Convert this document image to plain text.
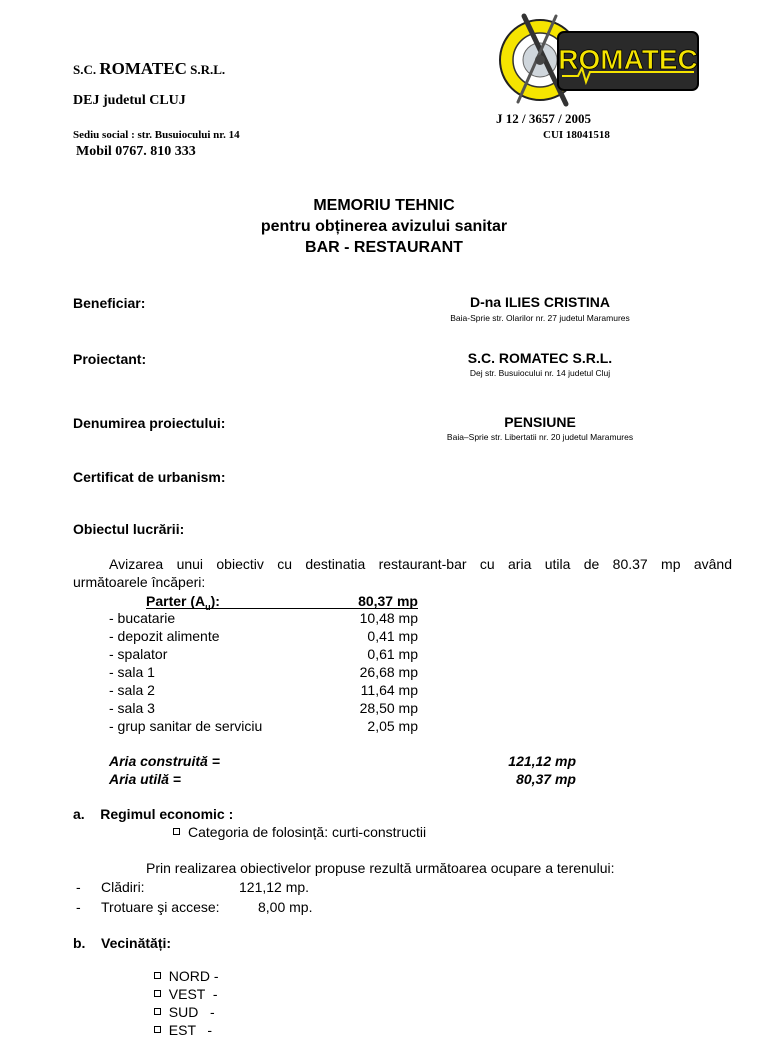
S.C. ROMATEC S.R.L.
DEJ judetul CLUJ
Sediu social : str. Busuiocului nr. 14
Mobil 0767. 810 333
J 12 / 3657 / 2005
CUI 18041518
ROMATEC
MEMORIU TEHNIC
pentru obținerea avizului sanitar
BAR - RESTAURANT
Beneficiar:	D-na ILIES CRISTINA
Baia-Sprie str. Olarilor nr. 27 judetul Maramures
Proiectant:	S.C. ROMATEC S.R.L.
Dej str. Busuiocului nr. 14 judetul Cluj
Denumirea proiectului:	PENSIUNE
Baia–Sprie str. Libertatii nr. 20 judetul Maramures
Certificat de urbanism:
Obiectul lucrării:
Avizarea unui obiectiv cu destinatia restaurant-bar cu aria utila de 80.37 mp având
următoarele încăperi:
Parter $(A_u)$:	80,37 mp
- bucatarie	10,48 mp
- depozit alimente	0,41 mp
- spalator	0,61 mp
- sala 1	26,68 mp
- sala 2	11,64 mp
- sala 3	28,50 mp
- grup sanitar de serviciu	2,05 mp
Aria construită =	121,12 mp
Aria utilă =	80,37 mp
a.    Regimul economic :
Categoria de folosință: curti-constructii
Prin realizarea obiectivelor propuse rezultă următoarea ocupare a terenului:
- Clădiri:	121,12 mp.
- Trotuare şi accese:	8,00 mp.
b.    Vecinătăți:

NORD -

VEST  -

SUD   -

EST   -
